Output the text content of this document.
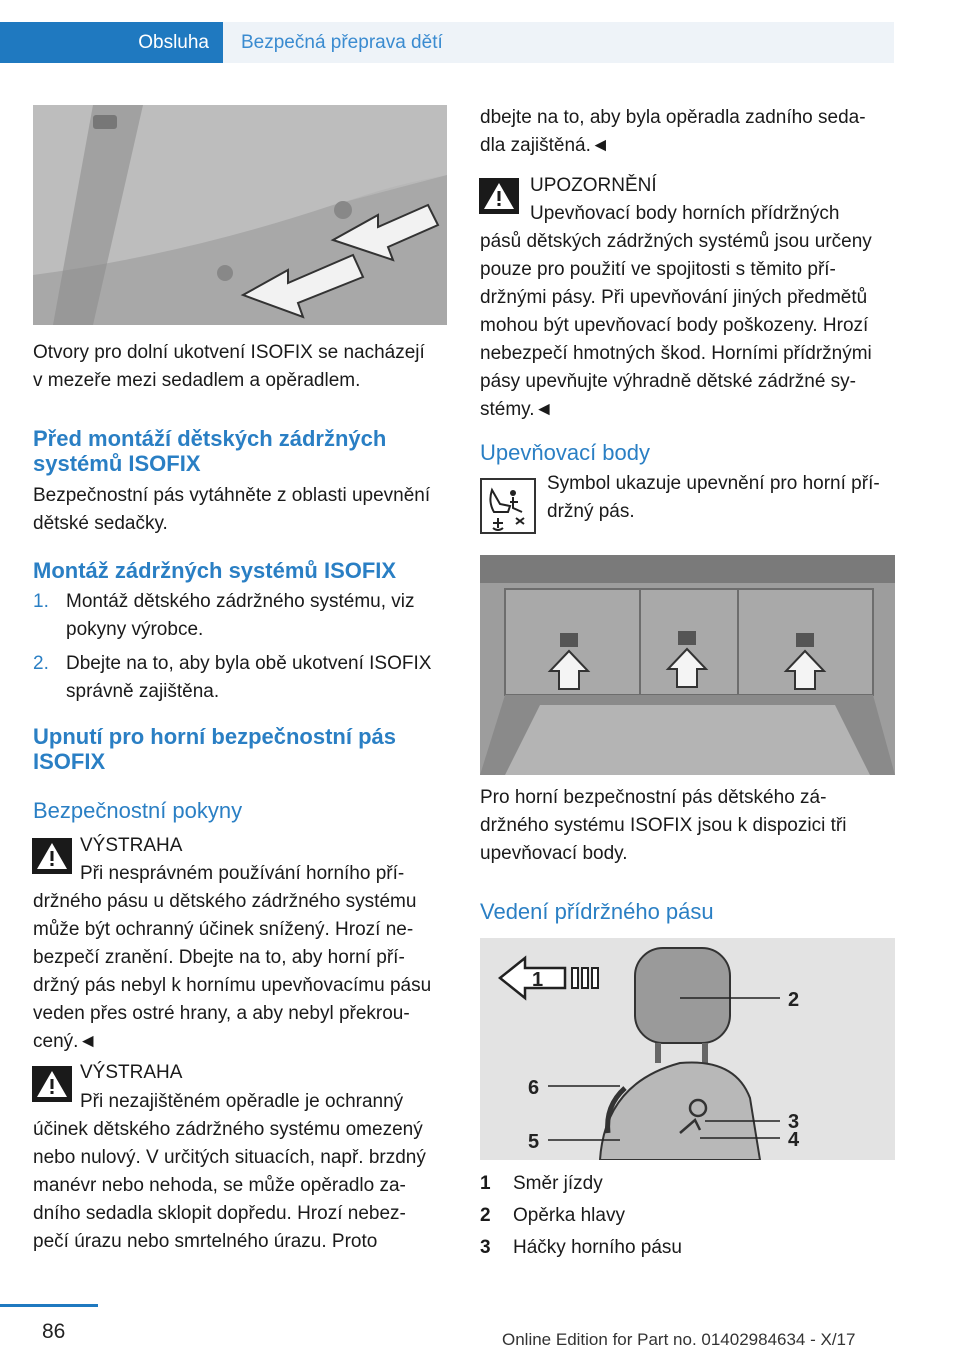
Obsluha	Bezpečná přeprava dětí
Otvory pro dolní ukotvení ISOFIX se nacházejí
v mezeře mezi sedadlem a opěradlem.
Před montáží dětských zádržných
systémů ISOFIX
Bezpečnostní pás vytáhněte z oblasti upevnění
dětské sedačky.
Montáž zádržných systémů ISOFIX
1. Montáž dětského zádržného systému, viz
pokyny výrobce.
2. Dbejte na to, aby byla obě ukotvení ISOFIX
správně zajištěna.
Upnutí pro horní bezpečnostní pás
ISOFIX
Bezpečnostní pokyny
VÝSTRAHA
Při nesprávném používání horního pří-
držného pásu u dětského zádržného systému
může být ochranný účinek snížený. Hrozí ne-
bezpečí zranění. Dbejte na to, aby horní pří-
držný pás nebyl k hornímu upevňovacímu pásu
veden přes ostré hrany, a aby nebyl překrou-
cený.◄
VÝSTRAHA
Při nezajištěném opěradle je ochranný
účinek dětského zádržného systému omezený
nebo nulový. V určitých situacích, např. brzdný
manévr nebo nehoda, se může opěradlo za-
dního sedadla sklopit dopředu. Hrozí nebez-
pečí úrazu nebo smrtelného úrazu. Proto
dbejte na to, aby byla opěradla zadního seda-
dla zajištěná.◄
UPOZORNĚNÍ
Upevňovací body horních přídržných
pásů dětských zádržných systémů jsou určeny
pouze pro použití ve spojitosti s těmito pří-
držnými pásy. Při upevňování jiných předmětů
mohou být upevňovací body poškozeny. Hrozí
nebezpečí hmotných škod. Horními přídržnými
pásy upevňujte výhradně dětské zádržné sy-
stémy.◄
Upevňovací body
Symbol ukazuje upevnění pro horní pří-
držný pás.
Pro horní bezpečnostní pás dětského zá-
držného systému ISOFIX jsou k dispozici tři
upevňovací body.
Vedení přídržného pásu
1
2
3
4
5
6
1 Směr jízdy
2 Opěrka hlavy
3 Háčky horního pásu
86	Online Edition for Part no. 01402984634 - X/17
